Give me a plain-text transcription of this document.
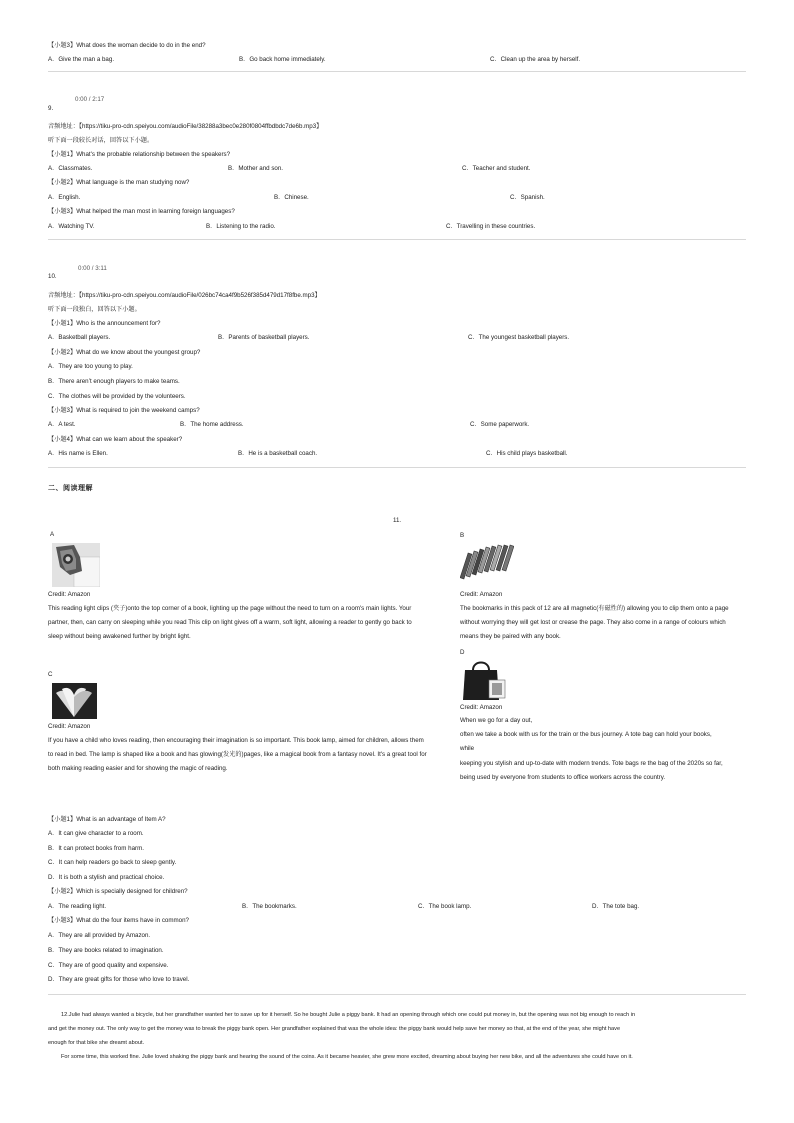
【小题3】What does the woman decide to do in the end?
A．Give the man a bag.	B．Go back home immediately.	C．Clean up the area by herself.
0:00 / 2:17
9.
音频地址：【https://tiku-pro-cdn.speiyou.com/audioFile/38288a3bec0e280f0804ffbdbdc7de6b.mp3】
听下面一段较长对话，回答以下小题。
【小题1】What's the probable relationship between the speakers?
A．Classmates.	B．Mother and son.	C．Teacher and student.
【小题2】What language is the man studying now?
A．English.	B．Chinese.	C．Spanish.
【小题3】What helped the man most in learning foreign languages?
A．Watching TV.	B．Listening to the radio.	C．Travelling in these countries.
0:00 / 3:11
10.
音频地址：【https://tiku-pro-cdn.speiyou.com/audioFile/026bc74ca4f9b526f385d479d17f8fbe.mp3】
听下面一段独白，回答以下小题。
【小题1】Who is the announcement for?
A．Basketball players.	B．Parents of basketball players.	C．The youngest basketball players.
【小题2】What do we know about the youngest group?
A．They are too young to play.
B．There aren’t enough players to make teams.
C．The clothes will be provided by the volunteers.
【小题3】What is required to join the weekend camps?
A．A test.	B．The home address.	C．Some paperwork.
【小题4】What can we learn about the speaker?
A．His name is Ellen.	B．He is a basketball coach.	C．His child plays basketball.
二、阅读理解
11.
A
Credit: Amazon
This reading light clips (夹子)onto the top corner of a book, lighting up the page without the need to turn on a room's main lights. Your
partner, then, can carry on sleeping while you read This clip on light gives off a warm, soft light, allowing a reader to gently go back to
sleep without being awakened further by bright light.
B
Credit: Amazon
The bookmarks in this pack of 12 are all magnetic(有磁性的) allowing you to clip them onto a page
without worrying they will get lost or crease the page. They also come in a range of colours which
means they be paired with any book.
D
Credit: Amazon
When we go for a day out,
often we take a book with us for the train or the bus journey. A tote bag can hold your books,
while
keeping you stylish and up-to-date with modern trends. Tote bags re the bag of the 2020s so far,
being used by everyone from students to office workers across the country.
C
Credit: Amazon
If you have a child who loves reading, then encouraging their imagination is so important. This book lamp, aimed for children, allows them
to read in bed. The lamp is shaped like a book and has glowing(发光的)pages, like a magical book from a fantasy novel. It's a great tool for
both making reading easier and for showing the magic of reading.
【小题1】What is an advantage of Item A?
A．It can give character to a room.
B．It can protect books from harm.
C．It can help readers go back to sleep gently.
D．It is both a stylish and practical choice.
【小题2】Which is specially designed for children?
A．The reading light.	B．The bookmarks.	C．The book lamp.	D．The tote bag.
【小题3】What do the four items have in common?
A．They are all provided by Amazon.
B．They are books related to imagination.
C．They are of good quality and expensive.
D．They are great gifts for those who love to travel.
12.Julie had always wanted a bicycle, but her grandfather wanted her to save up for it herself. So he bought Julie a piggy bank. It had an opening through which one could put money in, but the opening was not big enough to reach in
and get the money out. The only way to get the money was to break the piggy bank open. Her grandfather explained that was the whole idea: the piggy bank would help save her money so that, at the end of the year, she might have
enough for that bike she dreamt about.
For some time, this worked fine. Julie loved shaking the piggy bank and hearing the sound of the coins. As it became heavier, she grew more excited, dreaming about buying her new bike, and all the adventures she could have on it.
